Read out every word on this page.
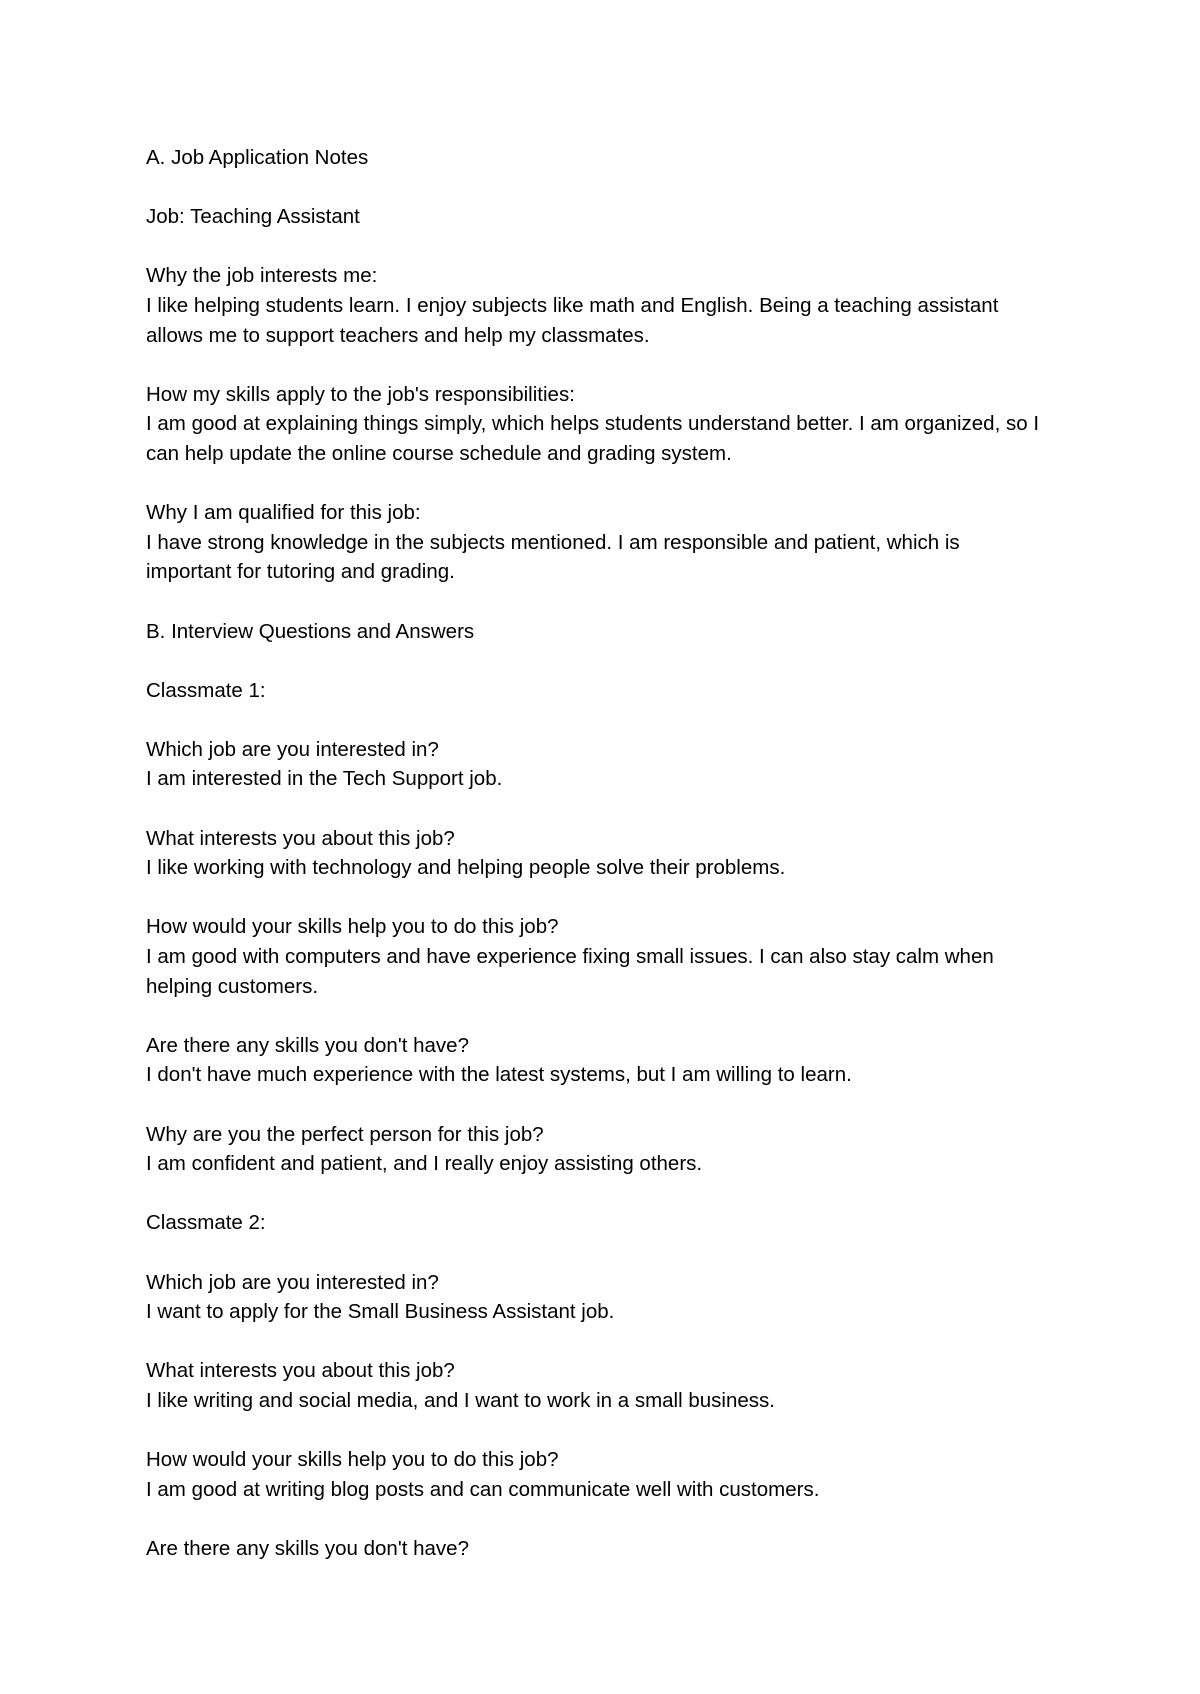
A. Job Application Notes
Job: Teaching Assistant
Why the job interests me:
I like helping students learn. I enjoy subjects like math and English. Being a teaching assistant allows me to support teachers and help my classmates.
How my skills apply to the job's responsibilities:
I am good at explaining things simply, which helps students understand better. I am organized, so I can help update the online course schedule and grading system.
Why I am qualified for this job:
I have strong knowledge in the subjects mentioned. I am responsible and patient, which is important for tutoring and grading.
B. Interview Questions and Answers
Classmate 1:
Which job are you interested in?
I am interested in the Tech Support job.
What interests you about this job?
I like working with technology and helping people solve their problems.
How would your skills help you to do this job?
I am good with computers and have experience fixing small issues. I can also stay calm when helping customers.
Are there any skills you don't have?
I don't have much experience with the latest systems, but I am willing to learn.
Why are you the perfect person for this job?
I am confident and patient, and I really enjoy assisting others.
Classmate 2:
Which job are you interested in?
I want to apply for the Small Business Assistant job.
What interests you about this job?
I like writing and social media, and I want to work in a small business.
How would your skills help you to do this job?
I am good at writing blog posts and can communicate well with customers.
Are there any skills you don't have?
